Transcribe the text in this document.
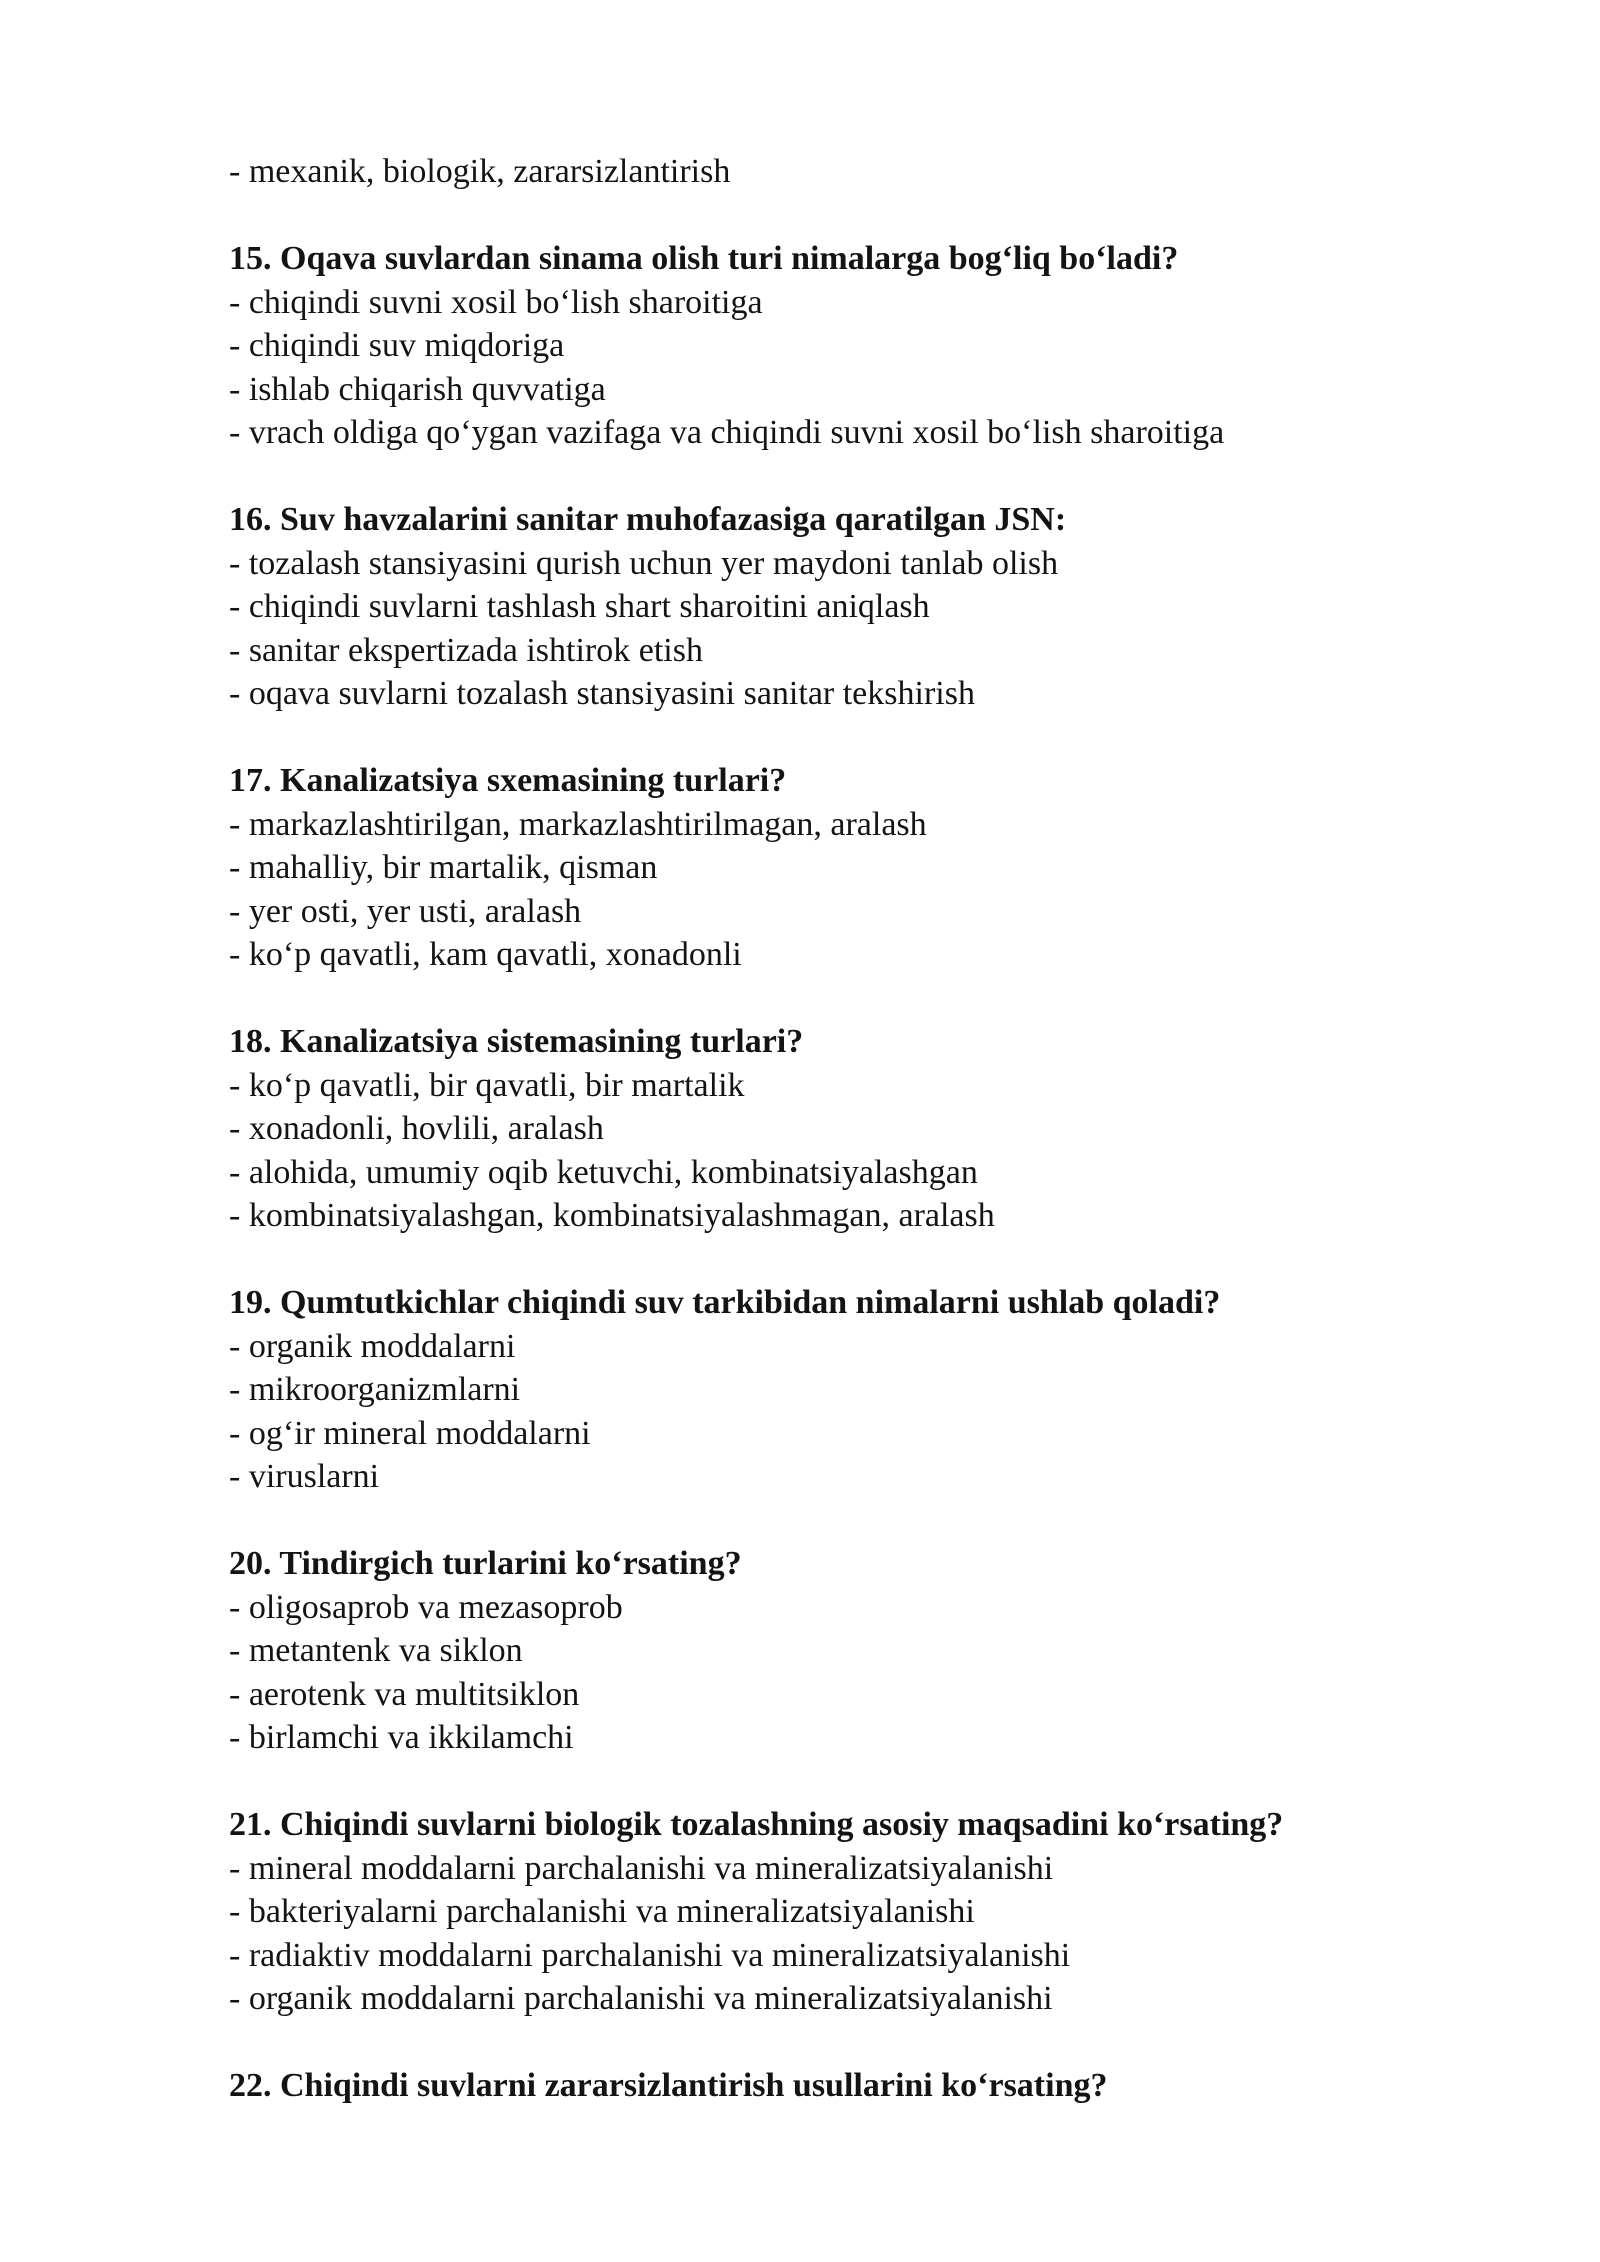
- mexanik, biologik, zararsizlantirish
15. Oqava suvlardan sinama olish turi nimalarga bog‘liq bo‘ladi?
- chiqindi suvni xosil bo‘lish sharoitiga
- chiqindi suv miqdoriga
- ishlab chiqarish quvvatiga
- vrach oldiga qo‘ygan vazifaga va chiqindi suvni xosil bo‘lish sharoitiga
16. Suv havzalarini sanitar muhofazasiga qaratilgan JSN:
- tozalash stansiyasini qurish uchun yer maydoni tanlab olish
- chiqindi suvlarni tashlash shart sharoitini aniqlash
- sanitar ekspertizada ishtirok etish
- oqava suvlarni tozalash stansiyasini sanitar tekshirish
17. Kanalizatsiya sxemasining turlari?
- markazlashtirilgan, markazlashtirilmagan, aralash
- mahalliy, bir martalik, qisman
- yer osti, yer usti, aralash
- ko‘p qavatli, kam qavatli, xonadonli
18. Kanalizatsiya sistemasining turlari?
- ko‘p qavatli, bir qavatli, bir martalik
- xonadonli, hovlili, aralash
- alohida, umumiy oqib ketuvchi, kombinatsiyalashgan
- kombinatsiyalashgan, kombinatsiyalashmagan, aralash
19. Qumtutkichlar chiqindi suv tarkibidan nimalarni ushlab qoladi?
- organik moddalarni
- mikroorganizmlarni
- og‘ir mineral moddalarni
- viruslarni
20. Tindirgich turlarini ko‘rsating?
- oligosaprob va mezasoprob
- metantenk va siklon
- aerotenk va multitsiklon
- birlamchi va ikkilamchi
21. Chiqindi suvlarni biologik tozalashning asosiy maqsadini ko‘rsating?
- mineral moddalarni parchalanishi va mineralizatsiyalanishi
- bakteriyalarni parchalanishi va mineralizatsiyalanishi
- radiaktiv moddalarni parchalanishi va mineralizatsiyalanishi
- organik moddalarni parchalanishi va mineralizatsiyalanishi
22. Chiqindi suvlarni zararsizlantirish usullarini ko‘rsating?
